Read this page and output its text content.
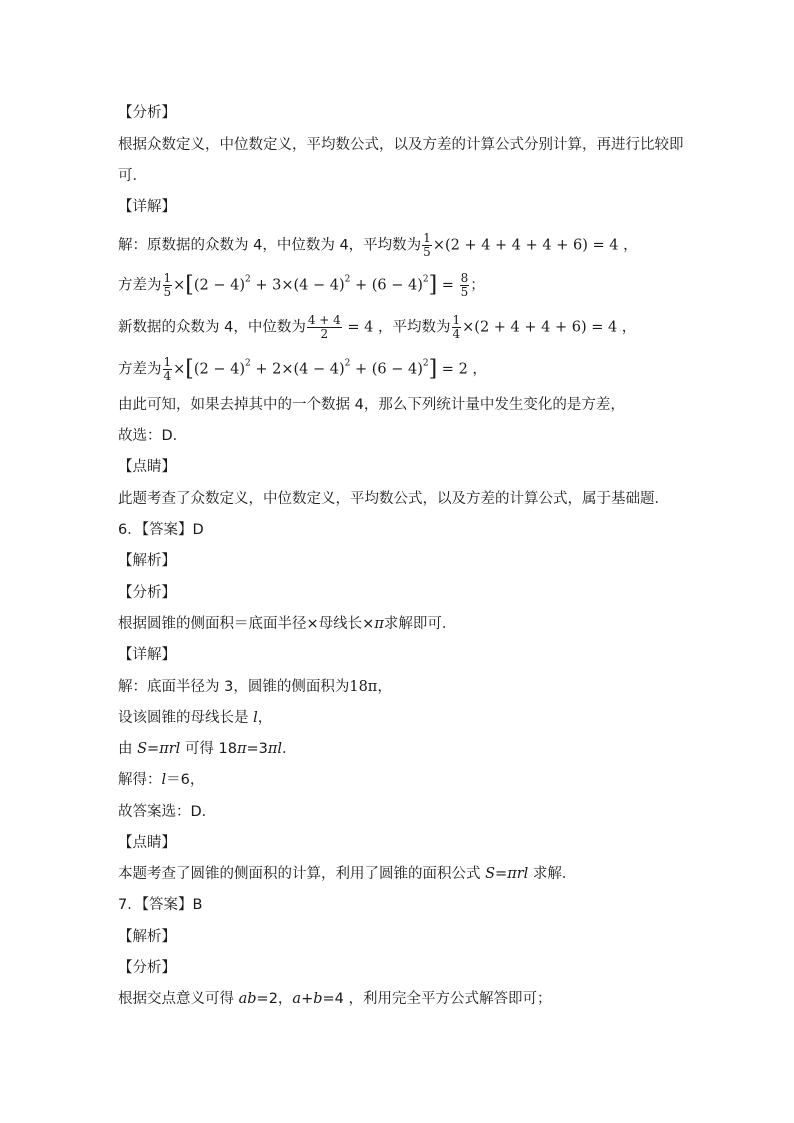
【分析】
根据众数定义，中位数定义，平均数公式，以及方差的计算公式分别计算，再进行比较即
可．
【详解】
解：原数据的众数为 4，中位数为 4，平均数为 $\frac{1}{5} \times(2 + 4 + 4 + 4 + 6) = 4$ ，
方差为 $\frac{1}{5} \times[(2 - 4)^2 + 3\times(4 - 4)^2 + (6 - 4)^2] = \frac{8}{5}$ ；
新数据的众数为 4，中位数为 $\frac{4 + 4}{2} = 4$ ，平均数为 $\frac{1}{4} \times(2 + 4 + 4 + 6) = 4$ ，
方差为 $\frac{1}{4} \times[(2 - 4)^2 + 2\times(4 - 4)^2 + (6 - 4)^2] = 2$ ，
由此可知，如果去掉其中的一个数据 4，那么下列统计量中发生变化的是方差，
故选：D．
【点睛】
此题考查了众数定义，中位数定义，平均数公式，以及方差的计算公式，属于基础题．
6．【答案】D
【解析】
【分析】
根据圆锥的侧面积＝底面半径×母线长×π求解即可．
【详解】
解：底面半径为 3，圆锥的侧面积为18π，
设该圆锥的母线长是 l，
由 S=πrl 可得 18π=3πl．
解得：l＝6，
故答案选：D．
【点睛】
本题考查了圆锥的侧面积的计算，利用了圆锥的面积公式 S=πrl 求解．
7．【答案】B
【解析】
【分析】
根据交点意义可得 ab=2，a+b=4 ，利用完全平方公式解答即可；
